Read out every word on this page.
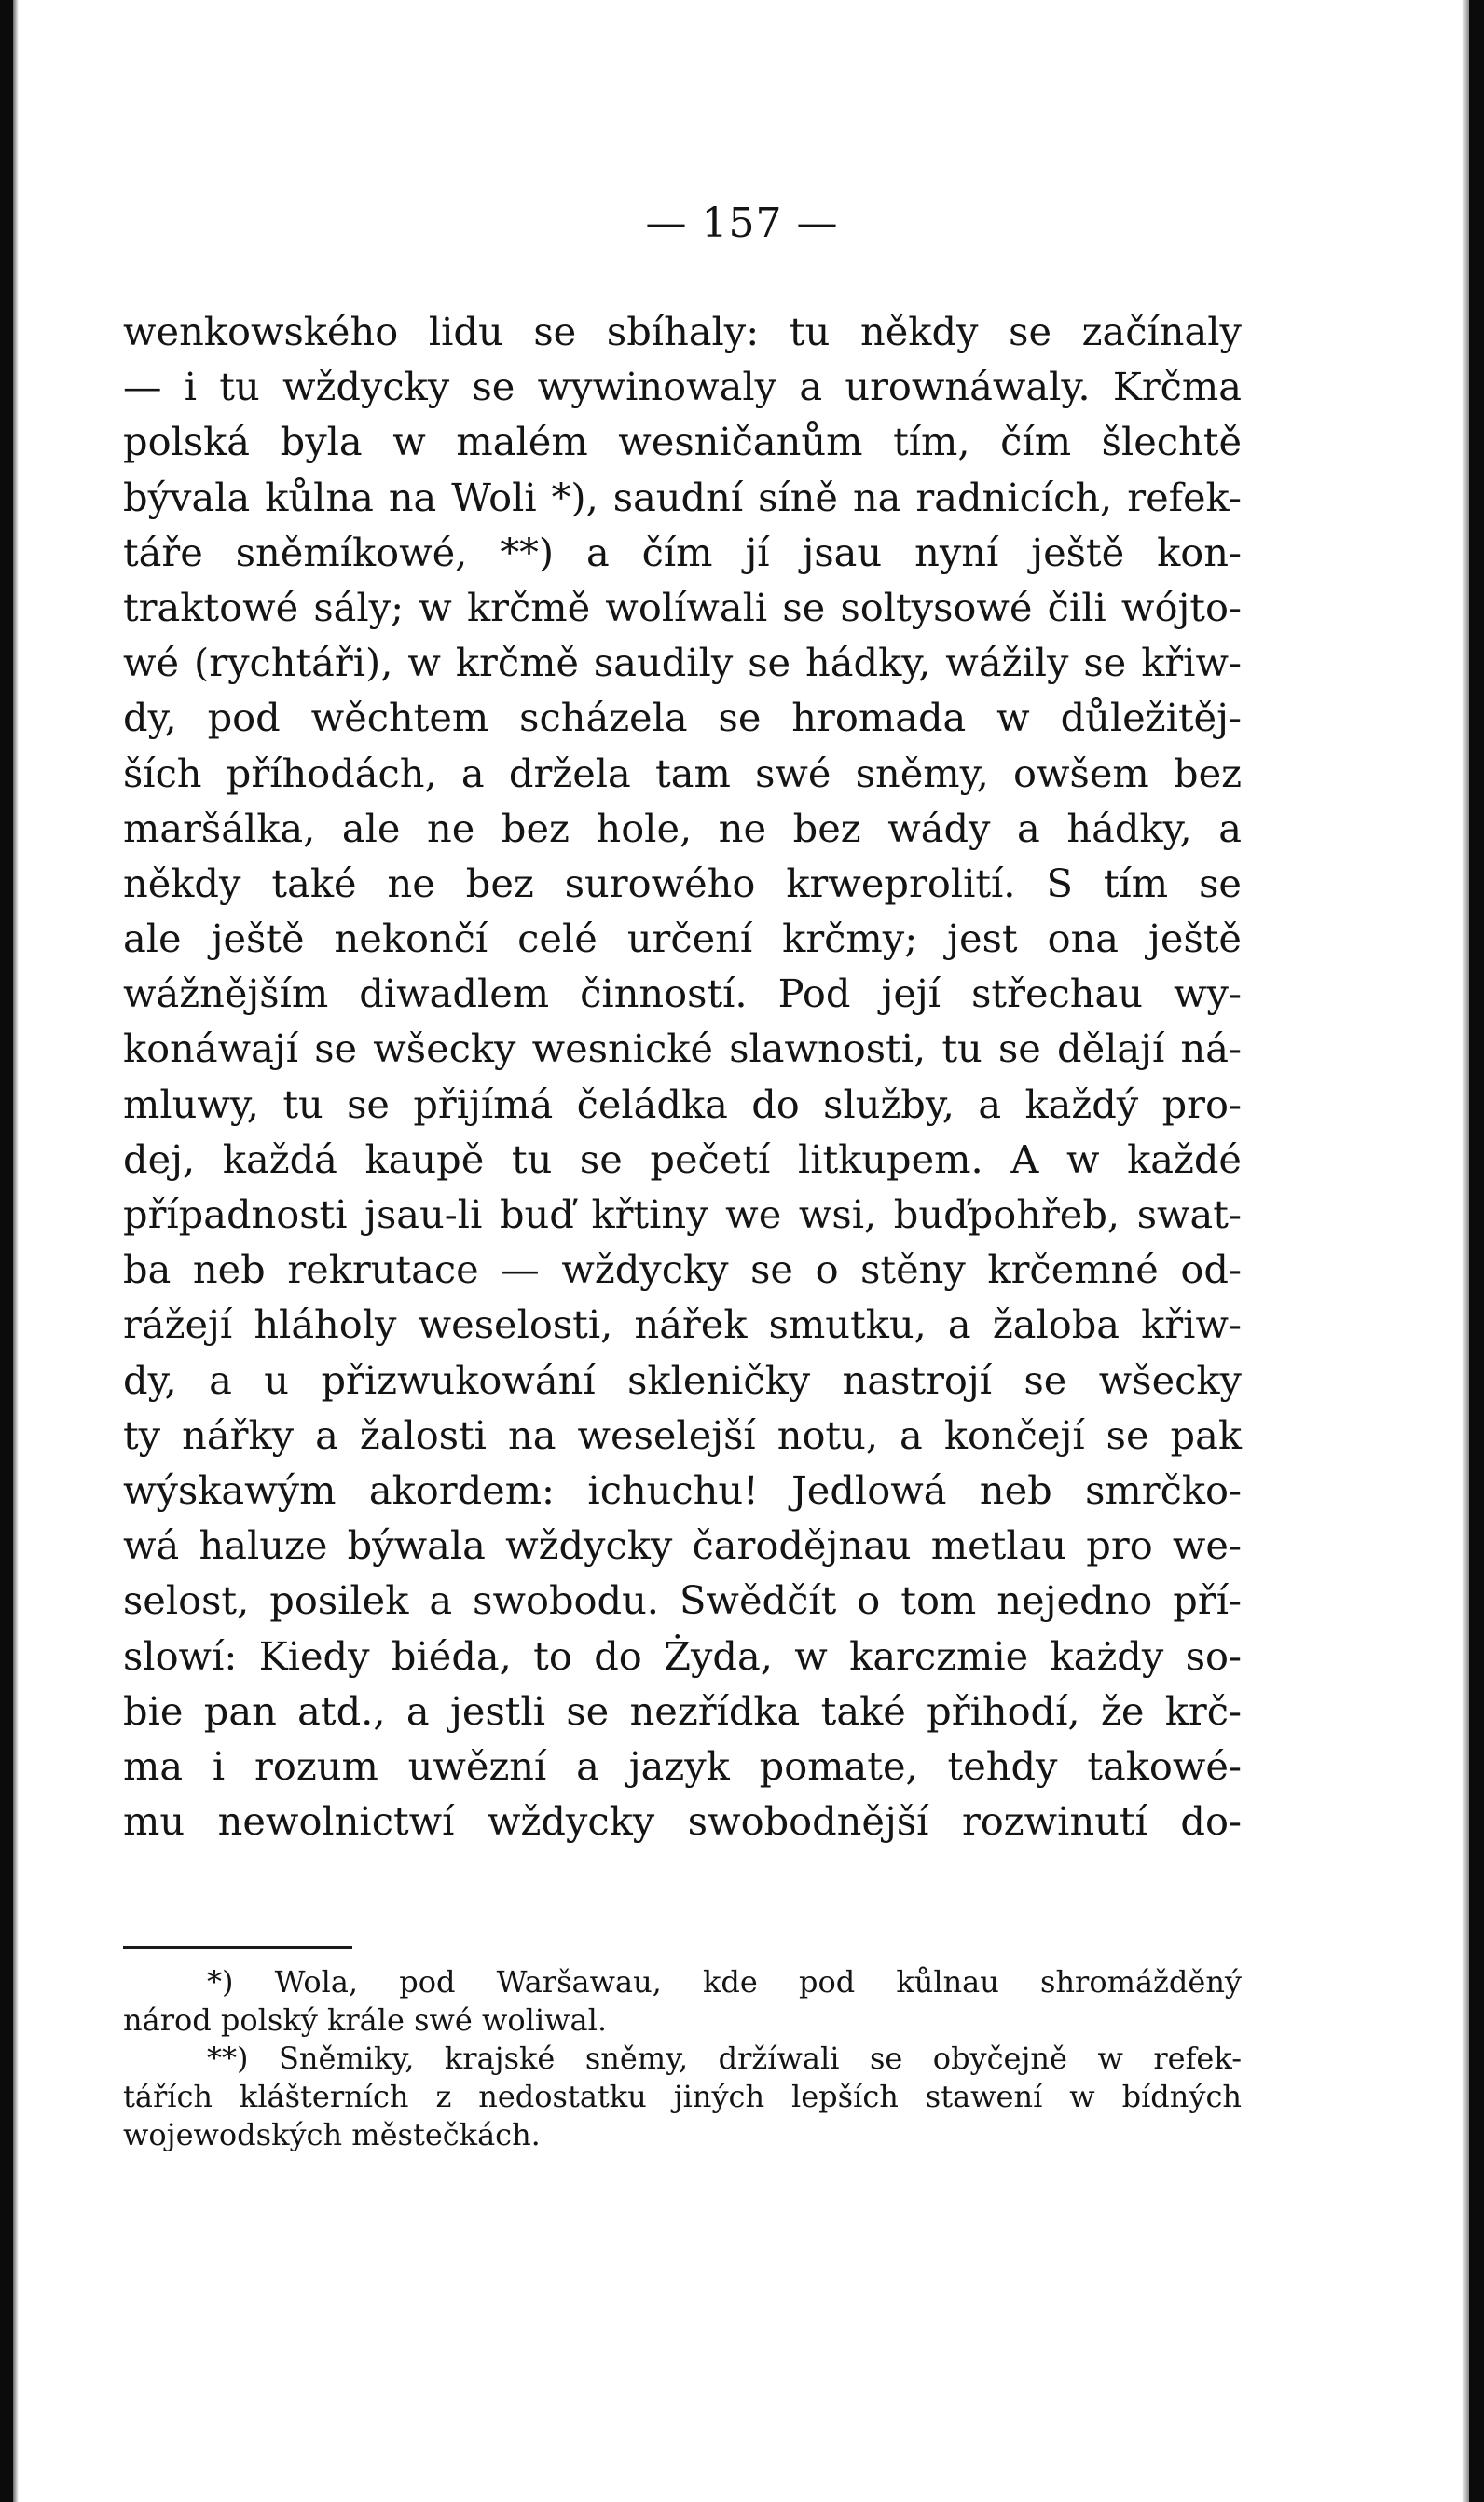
— 157 —
wenkowského lidu se sbíhaly: tu někdy se začínaly
— i tu wždycky se wywinowaly a urownáwaly. Krčma
polská byla w malém wesničanům tím, čím šlechtě
bývala kůlna na Woli *), saudní síně na radnicích, refek-
táře sněmíkowé, **) a čím jí jsau nyní ještě kon-
traktowé sály; w krčmě wolíwali se soltysowé čili wójto-
wé (rychtáři), w krčmě saudily se hádky, wážily se křiw-
dy, pod wěchtem scházela se hromada w důležitěj-
ších příhodách, a držela tam swé sněmy, owšem bez
maršálka, ale ne bez hole, ne bez wády a hádky, a
někdy také ne bez surowého krweprolití. S tím se
ale ještě nekončí celé určení krčmy; jest ona ještě
wážnějším diwadlem činností. Pod její střechau wy-
konáwají se wšecky wesnické slawnosti, tu se dělají ná-
mluwy, tu se přijímá čeládka do služby, a každý pro-
dej, každá kaupě tu se pečetí litkupem. A w každé
případnosti jsau-li buď křtiny we wsi, buďpohřeb, swat-
ba neb rekrutace — wždycky se o stěny krčemné od-
rážejí hláholy weselosti, nářek smutku, a žaloba křiw-
dy, a u přizwukowání skleničky nastrojí se wšecky
ty nářky a žalosti na weselejší notu, a končejí se pak
wýskawým akordem: ichuchu! Jedlowá neb smrčko-
wá haluze býwala wždycky čarodějnau metlau pro we-
selost, posilek a swobodu. Swědčít o tom nejedno pří-
slowí: Kiedy biéda, to do Żyda, w karczmie każdy so-
bie pan atd., a jestli se nezřídka také přihodí, že krč-
ma i rozum uwězní a jazyk pomate, tehdy takowé-
mu newolnictwí wždycky swobodnější rozwinutí do-
*) Wola, pod Waršawau, kde pod kůlnau shromážděný
národ polský krále swé woliwal.
**) Sněmiky, krajské sněmy, držíwali se obyčejně w refek-
tářích klášterních z nedostatku jiných lepších stawení w bídných
wojewodských městečkách.
